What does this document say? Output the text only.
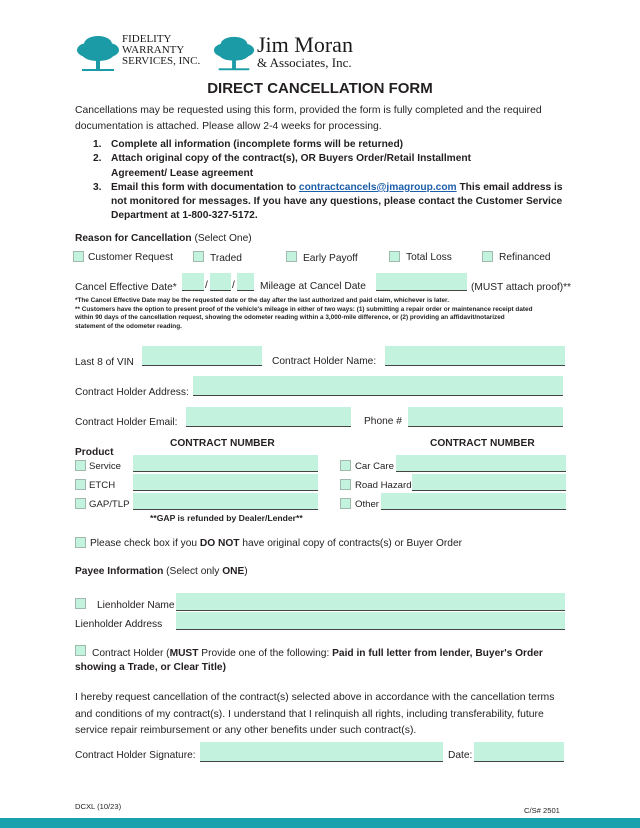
FIDELITY
WARRANTY
SERVICES, INC.
Jim Moran
& Associates, Inc.
DIRECT CANCELLATION FORM
Cancellations may be requested using this form, provided the form is fully completed and the required
documentation is attached. Please allow 2-4 weeks for processing.
1. Complete all information (incomplete forms will be returned)
2. Attach original copy of the contract(s), OR Buyers Order/Retail Installment
Agreement/ Lease agreement
3. Email this form with documentation to contractcancels@jmagroup.com This email address is
not monitored for messages. If you have any questions, please contact the Customer Service
Department at 1-800-327-5172.
Reason for Cancellation (Select One)
Customer Request	Traded	Early Payoff	Total Loss	Refinanced
Cancel Effective Date*	/ / Mileage at Cancel Date	(MUST attach proof)**
*The Cancel Effective Date may be the requested date or the day after the last authorized and paid claim, whichever is later.
** Customers have the option to present proof of the vehicle's mileage in either of two ways: (1) submitting a repair order or maintenance receipt dated
within 90 days of the cancellation request, showing the odometer reading within a 3,000-mile difference, or (2) providing an affidavit/notarized
statement of the odometer reading.
Last 8 of VIN	Contract Holder Name:
Contract Holder Address:
Contract Holder Email:	Phone #
CONTRACT NUMBER	CONTRACT NUMBER
Product
Service	Car Care
ETCH	Road Hazard
GAP/TLP	Other
**GAP is refunded by Dealer/Lender**
Please check box if you DO NOT have original copy of contracts(s) or Buyer Order
Payee Information (Select only ONE)
Lienholder Name
Lienholder Address
Contract Holder (MUST Provide one of the following: Paid in full letter from lender, Buyer's Order
showing a Trade, or Clear Title)
I hereby request cancellation of the contract(s) selected above in accordance with the cancellation terms
and conditions of my contract(s). I understand that I relinquish all rights, including transferability, future
service repair reimbursement or any other benefits under such contract(s).
Contract Holder Signature:	Date:
DCXL (10/23)	C/S# 2501
